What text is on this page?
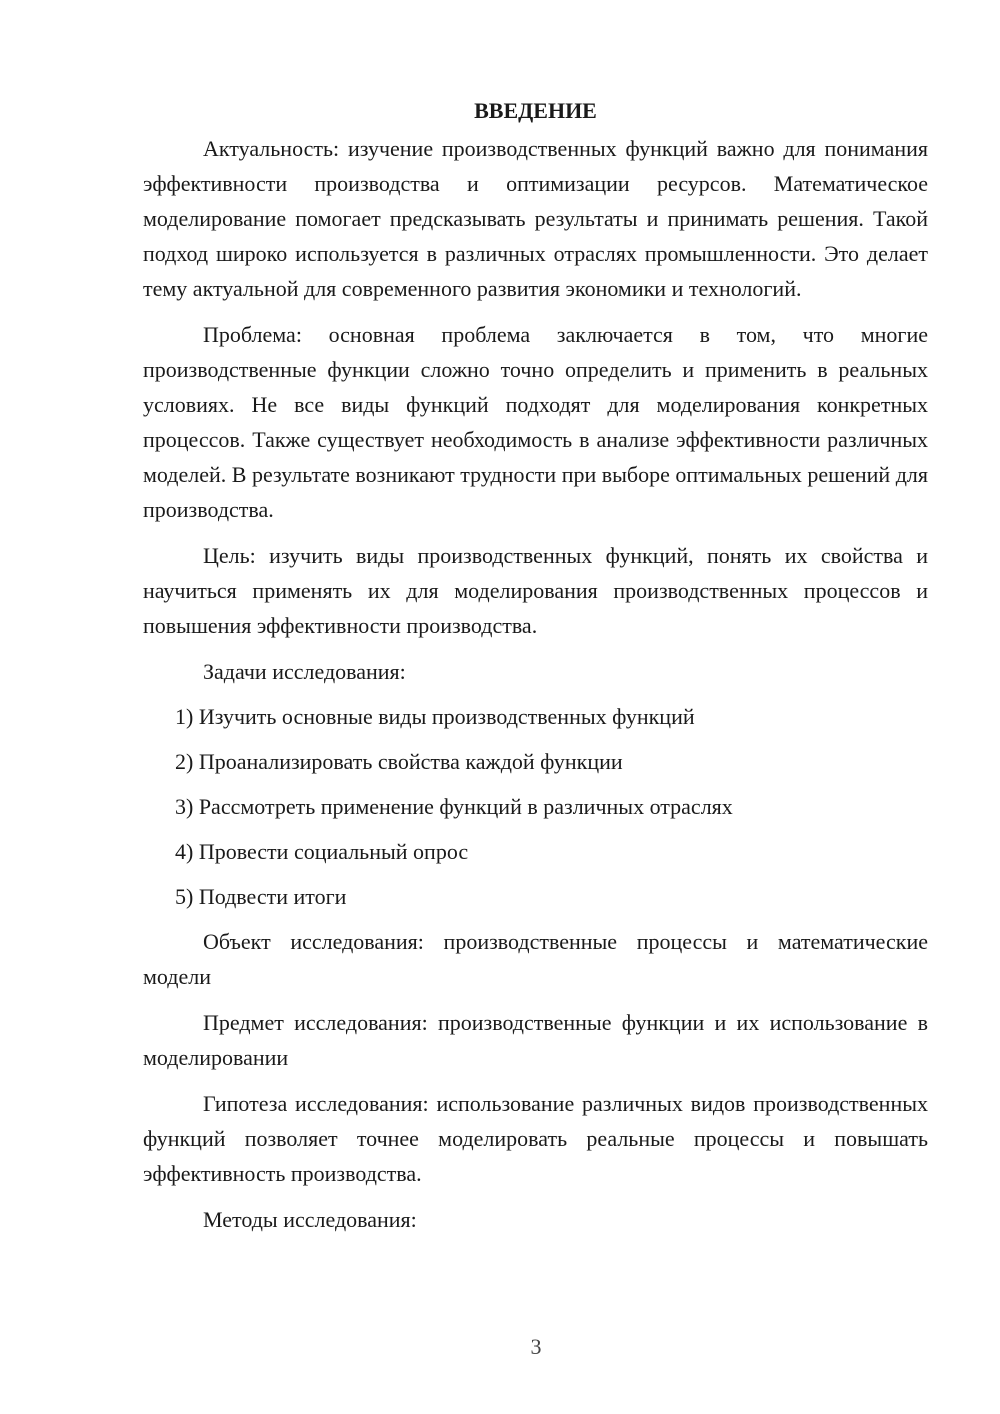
ВВЕДЕНИЕ

Актуальность: изучение производственных функций важно для понимания эффективности производства и оптимизации ресурсов. Математическое моделирование помогает предсказывать результаты и принимать решения. Такой подход широко используется в различных отраслях промышленности. Это делает тему актуальной для современного развития экономики и технологий.

Проблема: основная проблема заключается в том, что многие производственные функции сложно точно определить и применить в реальных условиях. Не все виды функций подходят для моделирования конкретных процессов. Также существует необходимость в анализе эффективности различных моделей. В результате возникают трудности при выборе оптимальных решений для производства.

Цель: изучить виды производственных функций, понять их свойства и научиться применять их для моделирования производственных процессов и повышения эффективности производства.

Задачи исследования:

1) Изучить основные виды производственных функций

2) Проанализировать свойства каждой функции

3) Рассмотреть применение функций в различных отраслях

4) Провести социальный опрос

5) Подвести итоги

Объект исследования: производственные процессы и математические модели

Предмет исследования: производственные функции и их использование в моделировании

Гипотеза исследования: использование различных видов производственных функций позволяет точнее моделировать реальные процессы и повышать эффективность производства.

Методы исследования:

3
